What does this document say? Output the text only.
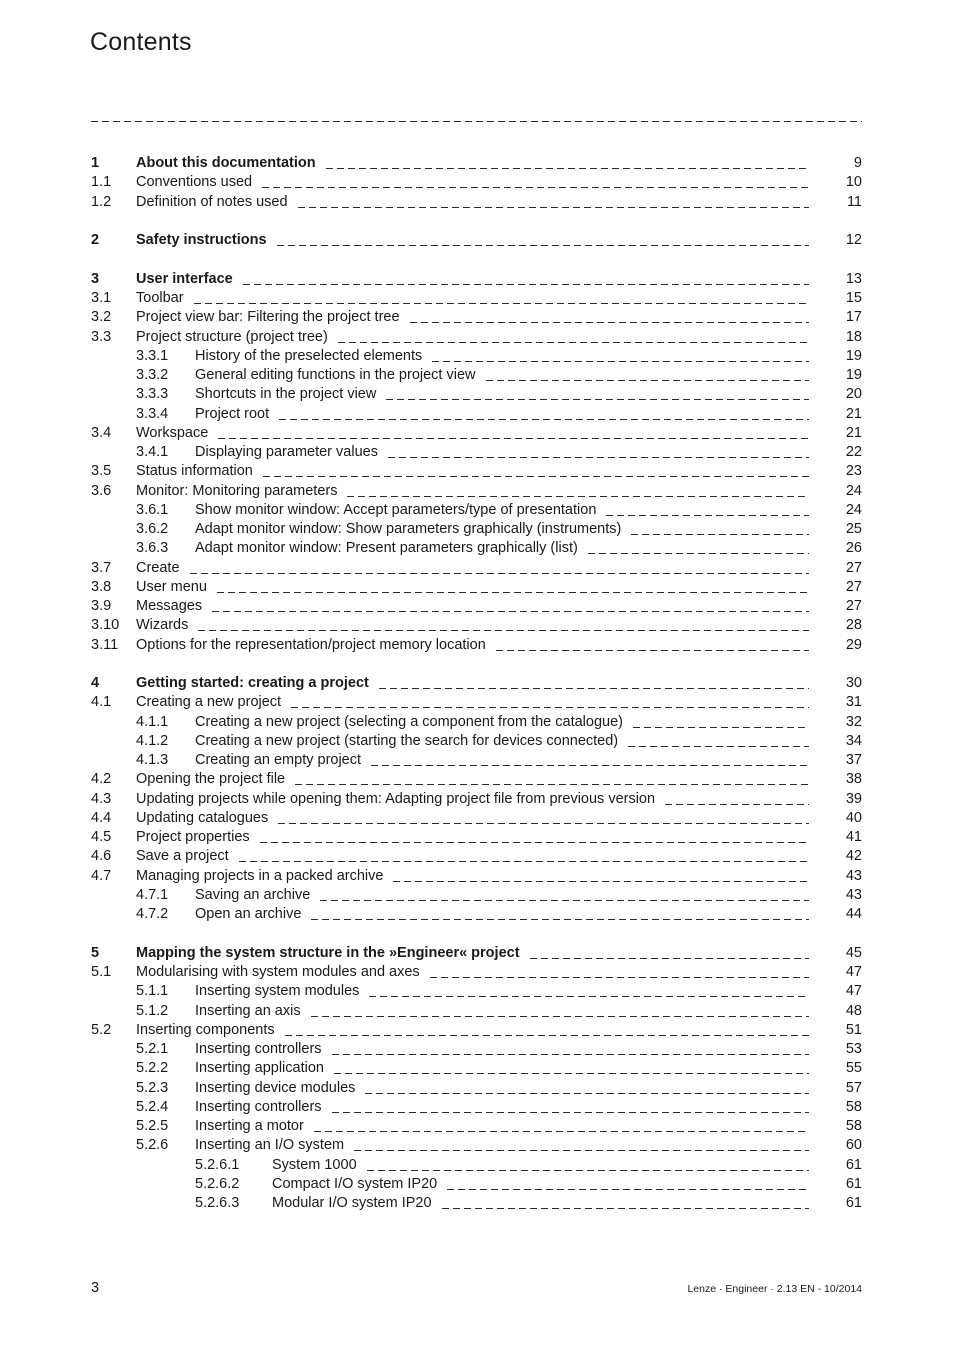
Contents
1	About this documentation	9
1.1 Conventions used	10
1.2 Definition of notes used	11
2	Safety instructions	12
3	User interface	13
3.1 Toolbar	15
3.2 Project view bar: Filtering the project tree	17
3.3 Project structure (project tree)	18
3.3.1 History of the preselected elements	19
3.3.2 General editing functions in the project view	19
3.3.3 Shortcuts in the project view	20
3.3.4 Project root	21
3.4 Workspace	21
3.4.1 Displaying parameter values	22
3.5 Status information	23
3.6 Monitor: Monitoring parameters	24
3.6.1 Show monitor window: Accept parameters/type of presentation	24
3.6.2 Adapt monitor window: Show parameters graphically (instruments)	25
3.6.3 Adapt monitor window: Present parameters graphically (list)	26
3.7 Create	27
3.8 User menu	27
3.9 Messages	27
3.10 Wizards	28
3.11 Options for the representation/project memory location	29
4	Getting started: creating a project	30
4.1 Creating a new project	31
4.1.1 Creating a new project (selecting a component from the catalogue)	32
4.1.2 Creating a new project (starting the search for devices connected)	34
4.1.3 Creating an empty project	37
4.2 Opening the project file	38
4.3 Updating projects while opening them: Adapting project file from previous version	39
4.4 Updating catalogues	40
4.5 Project properties	41
4.6 Save a project	42
4.7 Managing projects in a packed archive	43
4.7.1 Saving an archive	43
4.7.2 Open an archive	44
5	Mapping the system structure in the »Engineer« project	45
5.1 Modularising with system modules and axes	47
5.1.1 Inserting system modules	47
5.1.2 Inserting an axis	48
5.2 Inserting components	51
5.2.1 Inserting controllers	53
5.2.2 Inserting application	55
5.2.3 Inserting device modules	57
5.2.4 Inserting controllers	58
5.2.5 Inserting a motor	58
5.2.6 Inserting an I/O system	60
5.2.6.1 System 1000	61
5.2.6.2 Compact I/O system IP20	61
5.2.6.3 Modular I/O system IP20	61
3	Lenze · Engineer · 2.13 EN - 10/2014
